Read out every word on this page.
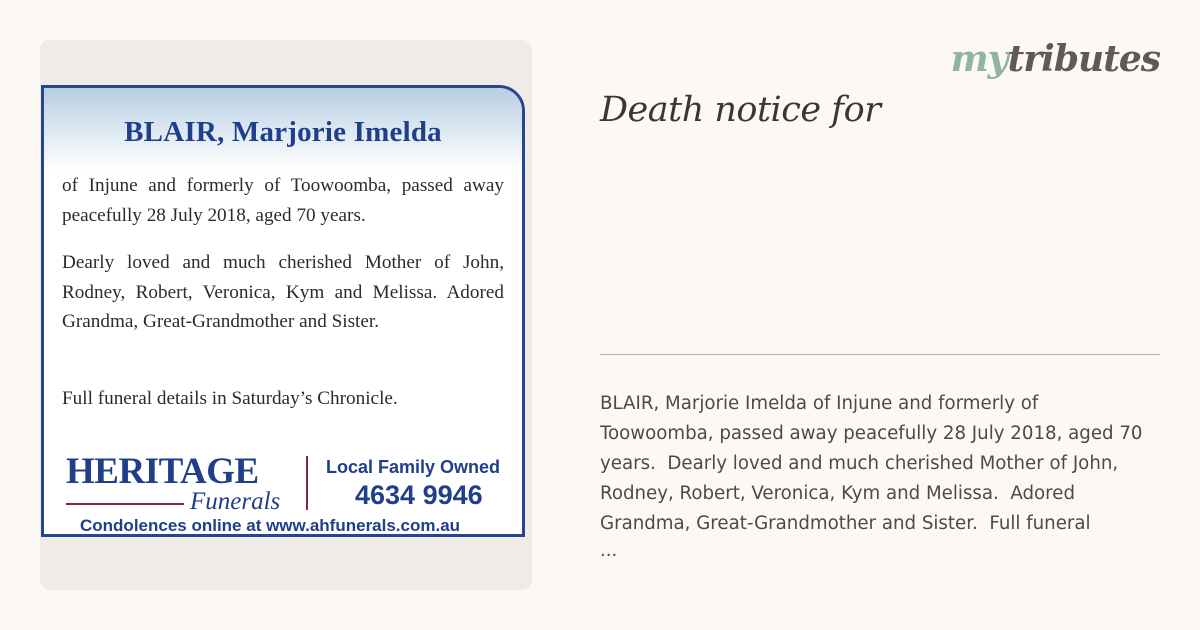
BLAIR, Marjorie Imelda
of Injune and formerly of Toowoomba, passed away peacefully 28 July 2018, aged 70 years.
Dearly loved and much cherished Mother of John, Rodney, Robert, Veronica, Kym and Melissa. Adored Grandma, Great-Grandmother and Sister.
Full funeral details in Saturday’s Chronicle.
HERITAGE
Funerals
Local Family Owned
4634 9946
Condolences online at www.ahfunerals.com.au
mytributes
Death notice for

BLAIR, Marjorie Imelda of Injune and formerly of
Toowoomba, passed away peacefully 28 July 2018, aged 70
years.  Dearly loved and much cherished Mother of John,
Rodney, Robert, Veronica, Kym and Melissa.  Adored
Grandma, Great-Grandmother and Sister.  Full funeral

...
